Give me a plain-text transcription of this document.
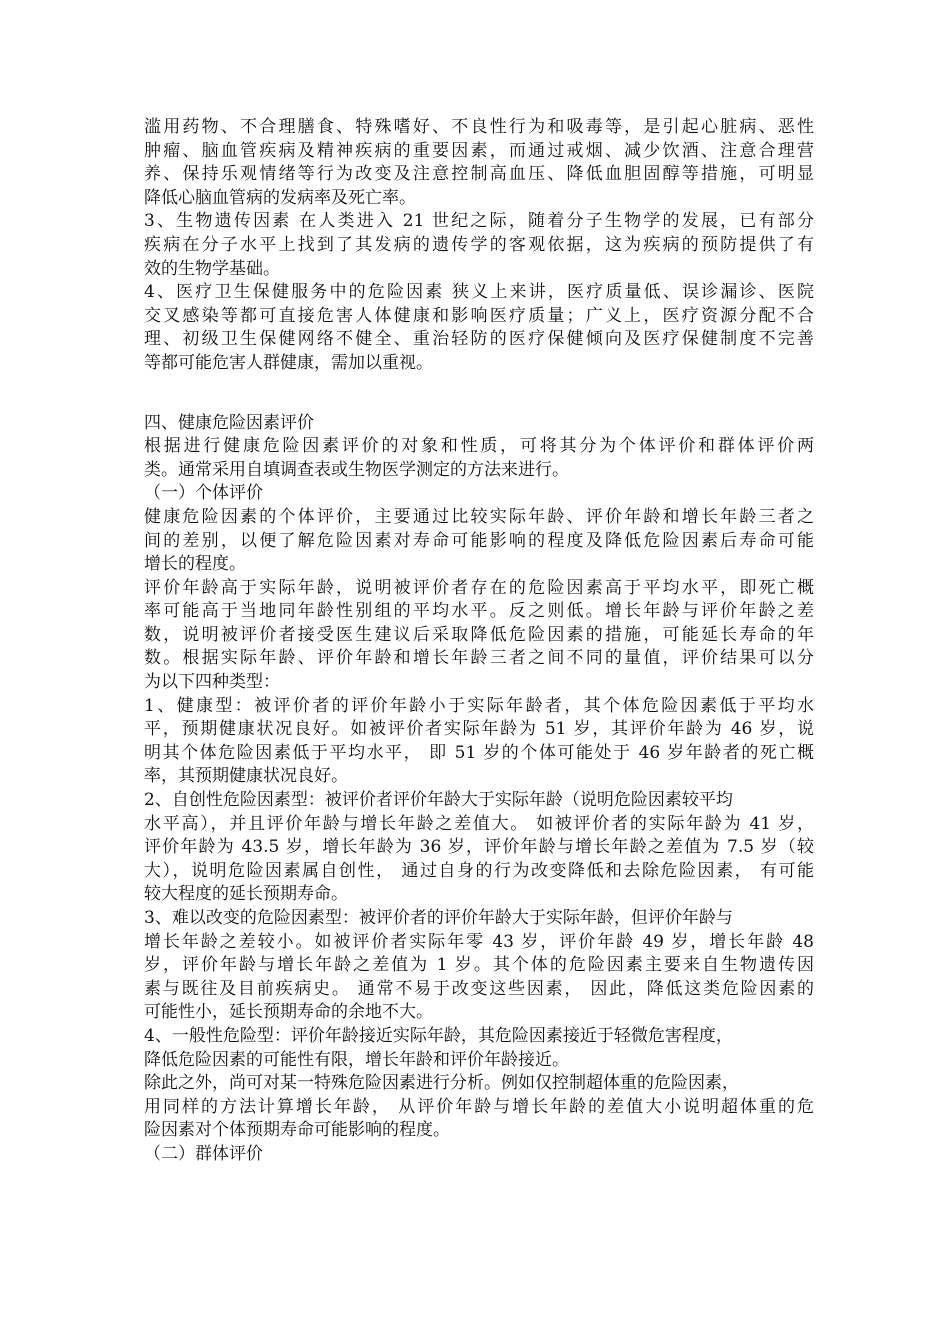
滥用药物、不合理膳食、特殊嗜好、不良性行为和吸毒等，是引起心脏病、恶性
肿瘤、脑血管疾病及精神疾病的重要因素，而通过戒烟、减少饮酒、注意合理营
养、保持乐观情绪等行为改变及注意控制高血压、降低血胆固醇等措施，可明显
降低心脑血管病的发病率及死亡率。
3、生物遗传因素 在人类进入 21 世纪之际，随着分子生物学的发展，已有部分
疾病在分子水平上找到了其发病的遗传学的客观依据，这为疾病的预防提供了有
效的生物学基础。
4、医疗卫生保健服务中的危险因素 狭义上来讲，医疗质量低、误诊漏诊、医院
交叉感染等都可直接危害人体健康和影响医疗质量；广义上，医疗资源分配不合
理、初级卫生保健网络不健全、重治轻防的医疗保健倾向及医疗保健制度不完善
等都可能危害人群健康，需加以重视。
四、健康危险因素评价
根据进行健康危险因素评价的对象和性质，可将其分为个体评价和群体评价两
类。通常采用自填调查表或生物医学测定的方法来进行。
（一）个体评价
健康危险因素的个体评价，主要通过比较实际年龄、评价年龄和增长年龄三者之
间的差别，以便了解危险因素对寿命可能影响的程度及降低危险因素后寿命可能
增长的程度。
评价年龄高于实际年龄，说明被评价者存在的危险因素高于平均水平，即死亡概
率可能高于当地同年龄性别组的平均水平。反之则低。增长年龄与评价年龄之差
数，说明被评价者接受医生建议后采取降低危险因素的措施，可能延长寿命的年
数。根据实际年龄、评价年龄和增长年龄三者之间不同的量值，评价结果可以分
为以下四种类型：
1、健康型：被评价者的评价年龄小于实际年龄者，其个体危险因素低于平均水
平，预期健康状况良好。如被评价者实际年龄为 51 岁，其评价年龄为 46 岁，说
明其个体危险因素低于平均水平， 即 51 岁的个体可能处于 46 岁年龄者的死亡概
率，其预期健康状况良好。
2、自创性危险因素型：被评价者评价年龄大于实际年龄（说明危险因素较平均
水平高），并且评价年龄与增长年龄之差值大。 如被评价者的实际年龄为 41 岁，
评价年龄为 43.5 岁，增长年龄为 36 岁，评价年龄与增长年龄之差值为 7.5 岁（较
大），说明危险因素属自创性， 通过自身的行为改变降低和去除危险因素， 有可能
较大程度的延长预期寿命。
3、难以改变的危险因素型：被评价者的评价年龄大于实际年龄，但评价年龄与
增长年龄之差较小。如被评价者实际年零 43 岁，评价年龄 49 岁，增长年龄 48
岁，评价年龄与增长年龄之差值为 1 岁。其个体的危险因素主要来自生物遗传因
素与既往及目前疾病史。 通常不易于改变这些因素， 因此，降低这类危险因素的
可能性小，延长预期寿命的余地不大。
4、一般性危险型：评价年龄接近实际年龄，其危险因素接近于轻微危害程度，
降低危险因素的可能性有限，增长年龄和评价年龄接近。
除此之外，尚可对某一特殊危险因素进行分析。例如仅控制超体重的危险因素，
用同样的方法计算增长年龄， 从评价年龄与增长年龄的差值大小说明超体重的危
险因素对个体预期寿命可能影响的程度。
（二）群体评价
